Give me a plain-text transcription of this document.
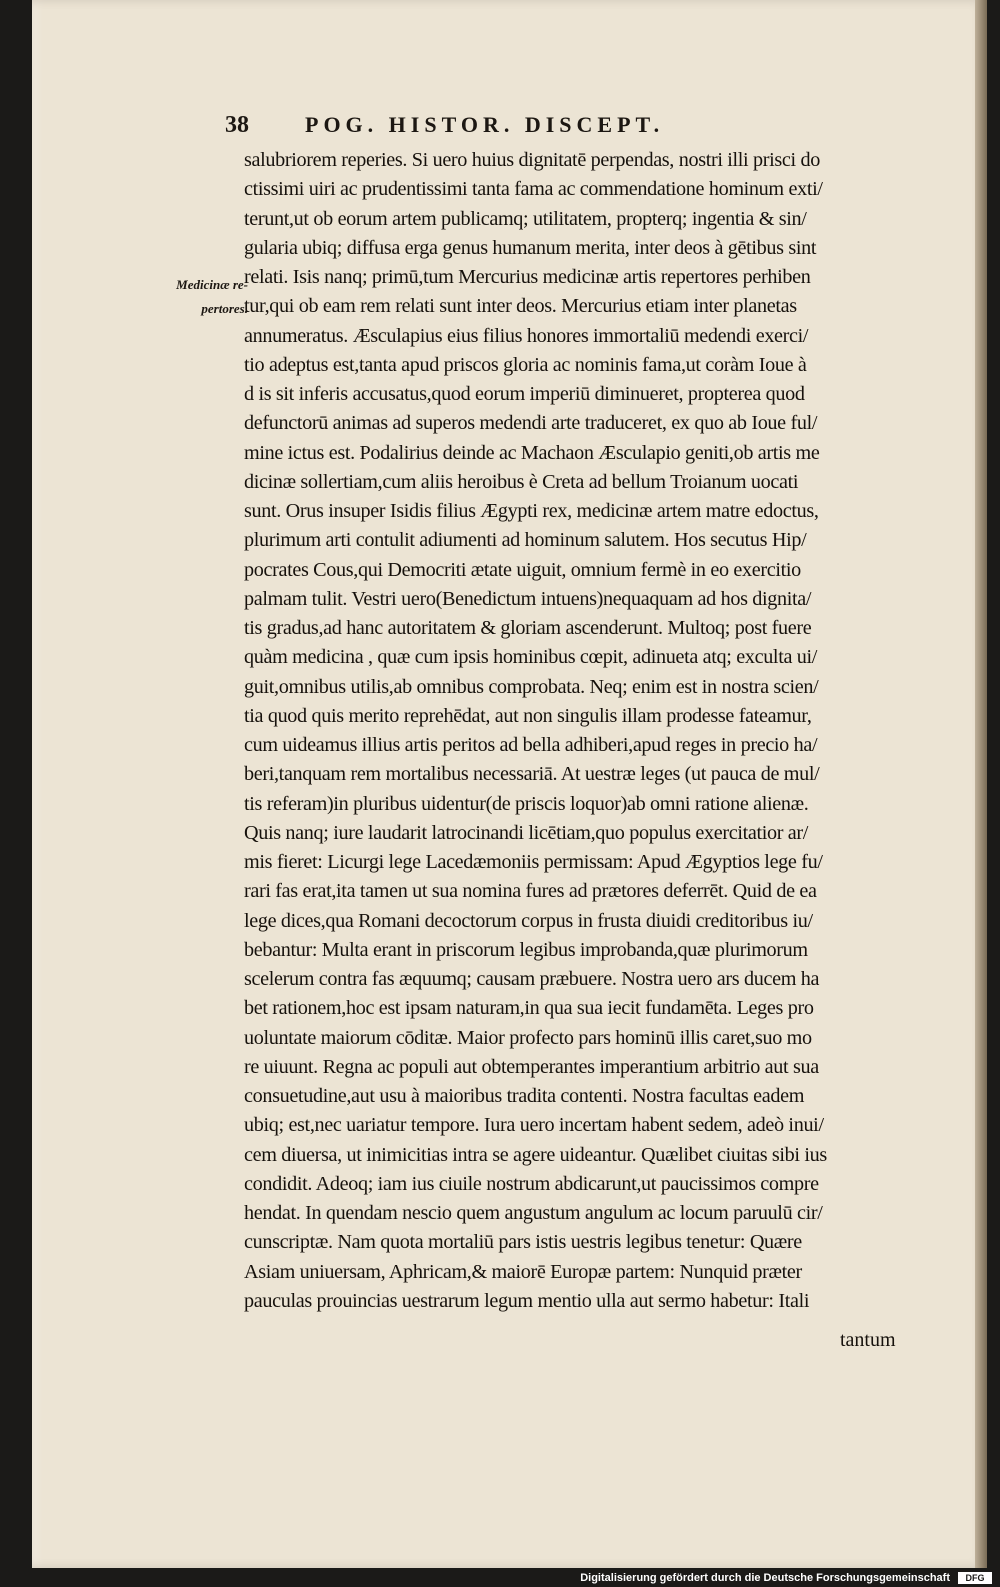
38	POG. HISTOR. DISCEPT.
Medicinæ re-
pertores.
salubriorem reperies. Si uero huius dignitatē perpendas, nostri illi prisci do
ctissimi uiri ac prudentissimi tanta fama ac commendatione hominum exti/
terunt,ut ob eorum artem publicamq; utilitatem, propterq; ingentia & sin/
gularia ubiq; diffusa erga genus humanum merita, inter deos à gētibus sint
relati. Isis nanq; primū,tum Mercurius medicinæ artis repertores perhiben
tur,qui ob eam rem relati sunt inter deos. Mercurius etiam inter planetas
annumeratus. Æsculapius eius filius honores immortaliū medendi exerci/
tio adeptus est,tanta apud priscos gloria ac nominis fama,ut coràm Ioue à
d is sit inferis accusatus,quod eorum imperiū diminueret, propterea quod
defunctorū animas ad superos medendi arte traduceret, ex quo ab Ioue ful/
mine ictus est. Podalirius deinde ac Machaon Æsculapio geniti,ob artis me
dicinæ sollertiam,cum aliis heroibus è Creta ad bellum Troianum uocati
sunt. Orus insuper Isidis filius Ægypti rex, medicinæ artem matre edoctus,
plurimum arti contulit adiumenti ad hominum salutem. Hos secutus Hip/
pocrates Cous,qui Democriti ætate uiguit, omnium fermè in eo exercitio
palmam tulit. Vestri uero(Benedictum intuens)nequaquam ad hos dignita/
tis gradus,ad hanc autoritatem & gloriam ascenderunt. Multoq; post fuere
quàm medicina , quæ cum ipsis hominibus cœpit, adinueta atq; exculta ui/
guit,omnibus utilis,ab omnibus comprobata. Neq; enim est in nostra scien/
tia quod quis merito reprehēdat, aut non singulis illam prodesse fateamur,
cum uideamus illius artis peritos ad bella adhiberi,apud reges in precio ha/
beri,tanquam rem mortalibus necessariā. At uestræ leges (ut pauca de mul/
tis referam)in pluribus uidentur(de priscis loquor)ab omni ratione alienæ.
Quis nanq; iure laudarit latrocinandi licētiam,quo populus exercitatior ar/
mis fieret: Licurgi lege Lacedæmoniis permissam: Apud Ægyptios lege fu/
rari fas erat,ita tamen ut sua nomina fures ad prætores deferrēt. Quid de ea
lege dices,qua Romani decoctorum corpus in frusta diuidi creditoribus iu/
bebantur: Multa erant in priscorum legibus improbanda,quæ plurimorum
scelerum contra fas æquumq; causam præbuere. Nostra uero ars ducem ha
bet rationem,hoc est ipsam naturam,in qua sua iecit fundamēta. Leges pro
uoluntate maiorum cōditæ. Maior profecto pars hominū illis caret,suo mo
re uiuunt. Regna ac populi aut obtemperantes imperantium arbitrio aut sua
consuetudine,aut usu à maioribus tradita contenti. Nostra facultas eadem
ubiq; est,nec uariatur tempore. Iura uero incertam habent sedem, adeò inui/
cem diuersa, ut inimicitias intra se agere uideantur. Quælibet ciuitas sibi ius
condidit. Adeoq; iam ius ciuile nostrum abdicarunt,ut paucissimos compre
hendat. In quendam nescio quem angustum angulum ac locum paruulū cir/
cunscriptæ. Nam quota mortaliū pars istis uestris legibus tenetur: Quære
Asiam uniuersam, Aphricam,& maiorē Europæ partem: Nunquid præter
pauculas prouincias uestrarum legum mentio ulla aut sermo habetur: Itali
tantum
Digitalisierung gefördert durch die Deutsche Forschungsgemeinschaft	DFG
